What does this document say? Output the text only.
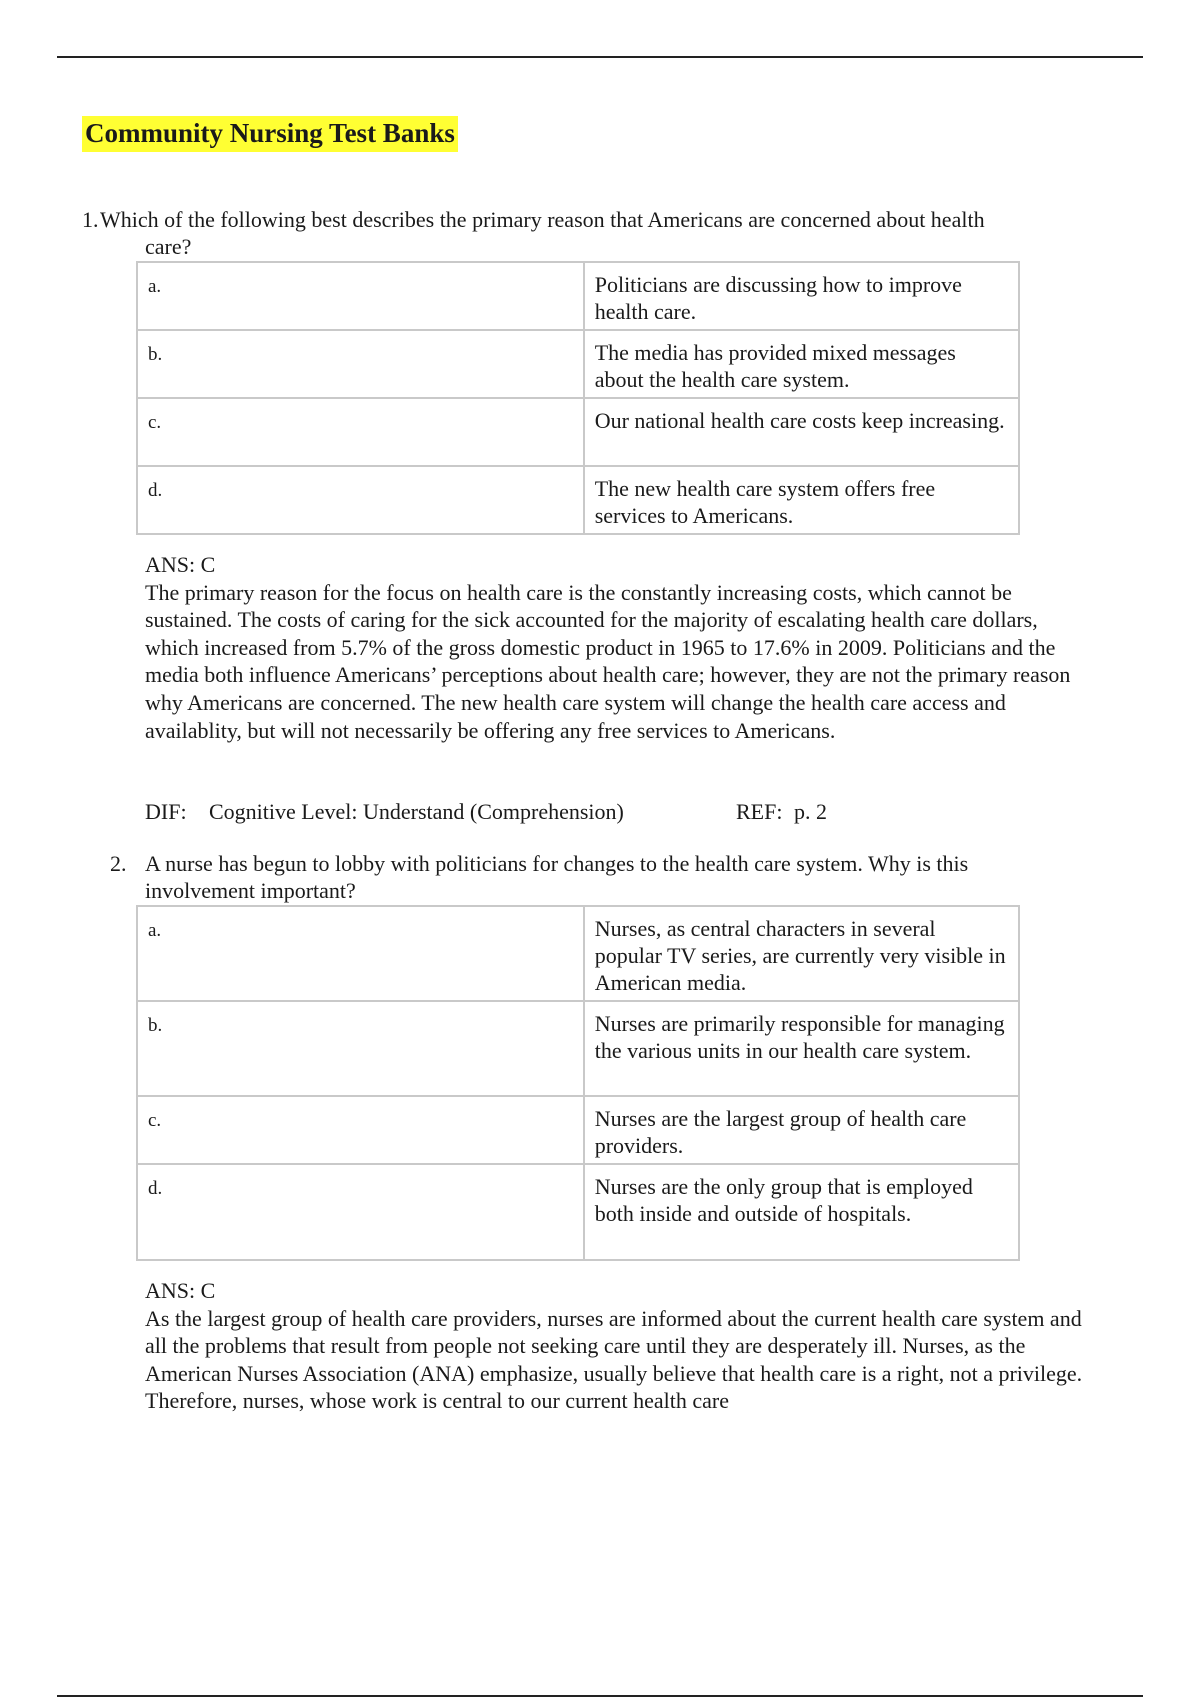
Community Nursing Test Banks
1. Which of the following best describes the primary reason that Americans are concerned about health
care?
a.	Politicians are discussing how to improve health care.
b.	The media has provided mixed messages about the health care system.
c.	Our national health care costs keep increasing.
d.	The new health care system offers free services to Americans.
ANS: C
The primary reason for the focus on health care is the constantly increasing costs, which cannot be sustained. The costs of caring for the sick accounted for the majority of escalating health care dollars, which increased from 5.7% of the gross domestic product in 1965 to 17.6% in 2009. Politicians and the media both influence Americans’ perceptions about health care; however, they are not the primary reason why Americans are concerned. The new health care system will change the health care access and availablity, but will not necessarily be offering any free services to Americans.
DIF: Cognitive Level: Understand (Comprehension)	REF: p. 2
2. A nurse has begun to lobby with politicians for changes to the health care system. Why is this
involvement important?
a.	Nurses, as central characters in several popular TV series, are currently very visible in American media.
b.	Nurses are primarily responsible for managing the various units in our health care system.
c.	Nurses are the largest group of health care providers.
d.	Nurses are the only group that is employed both inside and outside of hospitals.
ANS: C
As the largest group of health care providers, nurses are informed about the current health care system and all the problems that result from people not seeking care until they are desperately ill. Nurses, as the American Nurses Association (ANA) emphasize, usually believe that health care is a right, not a privilege. Therefore, nurses, whose work is central to our current health care
